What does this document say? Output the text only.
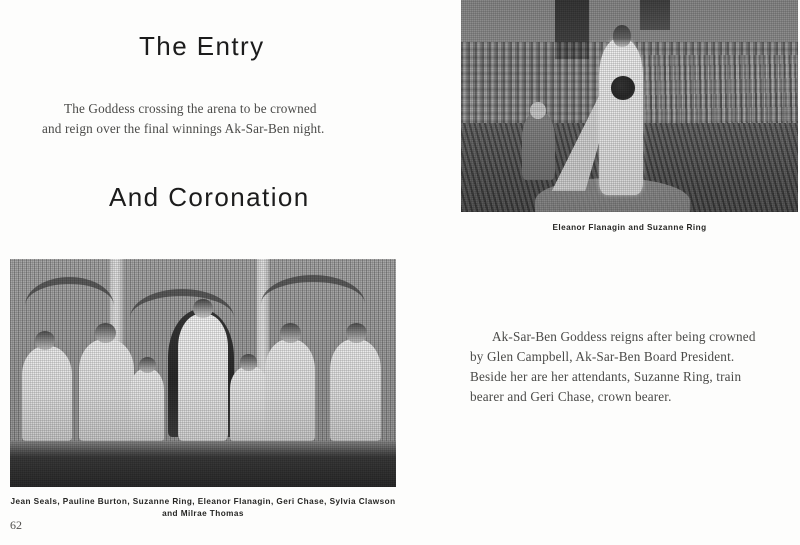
The Entry
The Goddess crossing the arena to be crowned
and reign over the final winnings Ak-Sar-Ben night.
And Coronation
Eleanor Flanagin and Suzanne Ring
Ak-Sar-Ben Goddess reigns after being crowned
by Glen Campbell, Ak-Sar-Ben Board President.
Beside her are her attendants, Suzanne Ring, train
bearer and Geri Chase, crown bearer.
Jean Seals, Pauline Burton, Suzanne Ring, Eleanor Flanagin, Geri Chase, Sylvia Clawson
and Milrae Thomas
62
